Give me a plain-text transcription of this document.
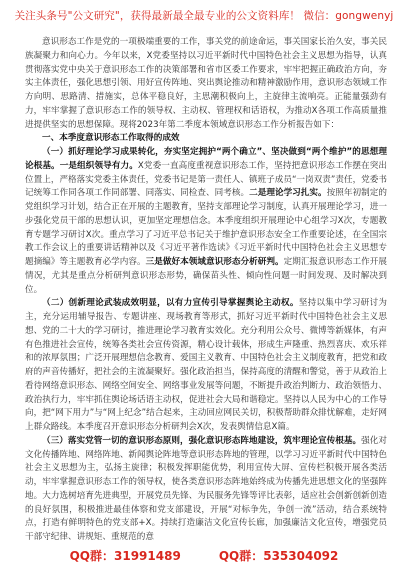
关注头条号"公文研究"，获得最新最全最专业的公文资料库！ 微信：gongwenyj

意识形态工作是党的一项极端重要的工作，事关党的前途命运，事关国家长治久安，事关民族凝聚力和向心力。今年以来，X党委坚持以习近平新时代中国特色社会主义思想为指导，认真贯彻落实党中央关于意识形态工作的决策部署和省市区委工作要求，牢牢把握正确政治方向，夯实主体责任，强化思想引领、用好宣传阵地、突出舆论推动和精神激励作用，意识形态领域工作方向明、思路清、措施实，总体平稳良好，主思潮积极向上，主旋律主流响亮。正能量强劲有力，牢牢掌握了意识形态工作的领导权、主动权、管理权和话语权，为推动X各项工作高质量推进提供坚实的思想保障。现将2023年第二季度本领域意识形态工作分析报告如下：

一、本季度意识形态工作取得的成效

（一）抓好理论学习成果转化，夯实坚定拥护“两个确立”、坚决做到“两个维护”的思想理论根基。一是组织领导有力。X党委一直高度重视意识形态工作，坚持把意识形态工作摆在突出位置上，严格落实党委主体责任，党委书记是第一责任人、镇班子成员“一岗双责”责任，党委书记统筹工作同各项工作同部署、同落实、同检查、同考核。二是理论学习扎实。按照年初制定的党组织学习计划，结合正在开展的主题教育，坚持支部理论学习制度，认真开展理论学习，进一步强化党员干部的思想认识，更加坚定理想信念。本季度组织开展理论中心组学习X次，专题教育专题学习研讨X次。重点学习了习近平总书记关于维护意识形态安全工作重要论述，在全国宗教工作会议上的重要讲话精神以及《习近平著作选读》《习近平新时代中国特色社会主义思想专题摘编》等主题教育必学内容。三是做好本领域意识形态分析研判。定期汇报意识形态工作开展情况，尤其是重点分析研判意识形态形势，确保苗头性、倾向性问题一时间发现、及时解决到位。

（二）创新理论武装成效明显，以有力宣传引导掌握舆论主动权。坚持以集中学习研讨为主，充分运用辅导报告、专题讲座、现场教育等形式，抓好习近平新时代中国特色社会主义思想、党的二十大的学习研讨，推进理论学习教育实效化。充分利用公众号、微博等新媒体，有声有色推进社会宣传，统筹各类社会宣传资源，精心设计载体，形成生声隆重、热烈喜庆、欢乐祥和的浓厚氛围；广泛开展理想信念教育、爱国主义教育、中国特色社会主义制度教育，把党和政府的声音传播好，把社会的主流凝聚好。强化政治担当，保持高度的清醒和警觉，善于从政治上看待网络意识形态、网络空间安全、网络事业发展等问题，不断提升政治判断力、政治领悟力、政治执行力，牢牢抓住舆论场话语主动权，促进社会大局和谐稳定。坚持以人民为中心的工作导向，把“网下用力”与“网上纪念”结合起来，主动回应网民关切，积极帮助群众排忧解难，走好网上群众路线。本季度召开意识形态分析研判会X次，发表舆情信息X篇。

（三）落实党管一切的意识形态原则，强化意识形态阵地建设，筑牢理论宣传根基。强化对文化传播阵地、网络阵地、新闻舆论阵地等意识形态阵地的管理，以学习习近平新时代中国特色社会主义思想为主，弘扬主旋律；积极发挥职能优势，利用宣传大屏、宣传栏积极开展各类活动，牢牢掌握意识形态工作的领导权，使各类意识形态阵地始终成为传播先进思想文化的坚强阵地。大力选树培育先进典型，开展党员先锋、为民服务先锋等评比表彰，适应社会创新创新创造的良好氛围，积极推进最佳体察和党支部建设，开展“对标争先，争创一流”活动，结合系统特点，打造有鲜明特色的党支部+X。持续打造廉洁文化宣传长廊，加强廉洁文化宣传，增强党员干部守纪律、讲规矩、重规范的意

QQ群：31991489	QQ群：535304092
